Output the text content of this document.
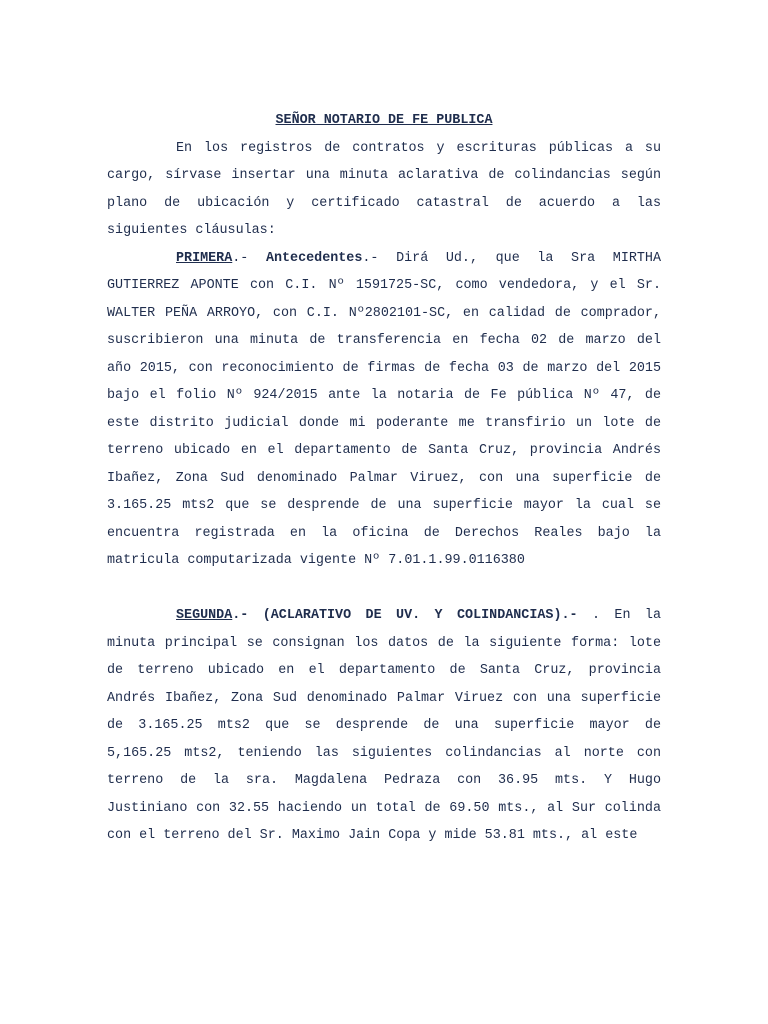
SEÑOR NOTARIO DE FE PUBLICA

En los registros de contratos y escrituras públicas a su cargo, sírvase insertar una minuta aclarativa de colindancias según plano de ubicación y certificado catastral de acuerdo a las siguientes cláusulas:

PRIMERA.- Antecedentes.- Dirá Ud., que la Sra MIRTHA GUTIERREZ APONTE con C.I. Nº 1591725-SC, como vendedora, y el Sr. WALTER PEÑA ARROYO, con C.I. Nº2802101-SC, en calidad de comprador, suscribieron una minuta de transferencia en fecha 02 de marzo del año 2015, con reconocimiento de firmas de fecha 03 de marzo del 2015 bajo el folio Nº 924/2015 ante la notaria de Fe pública Nº 47, de este distrito judicial donde mi poderante me transfirio un lote de terreno ubicado en el departamento de Santa Cruz, provincia Andrés Ibañez, Zona Sud denominado Palmar Viruez, con una superficie de 3.165.25 mts2 que se desprende de una superficie mayor la cual se encuentra registrada en la oficina de Derechos Reales bajo la matricula computarizada vigente Nº 7.01.1.99.0116380

SEGUNDA.- (ACLARATIVO DE UV. Y COLINDANCIAS).- . En la minuta principal se consignan los datos de la siguiente forma: lote de terreno ubicado en el departamento de Santa Cruz, provincia Andrés Ibañez, Zona Sud denominado Palmar Viruez con una superficie de 3.165.25 mts2 que se desprende de una superficie mayor de 5,165.25 mts2, teniendo las siguientes colindancias al norte con terreno de la sra. Magdalena Pedraza con 36.95 mts. Y Hugo Justiniano con 32.55 haciendo un total de 69.50 mts., al Sur colinda con el terreno del Sr. Maximo Jain Copa y mide 53.81 mts., al este
